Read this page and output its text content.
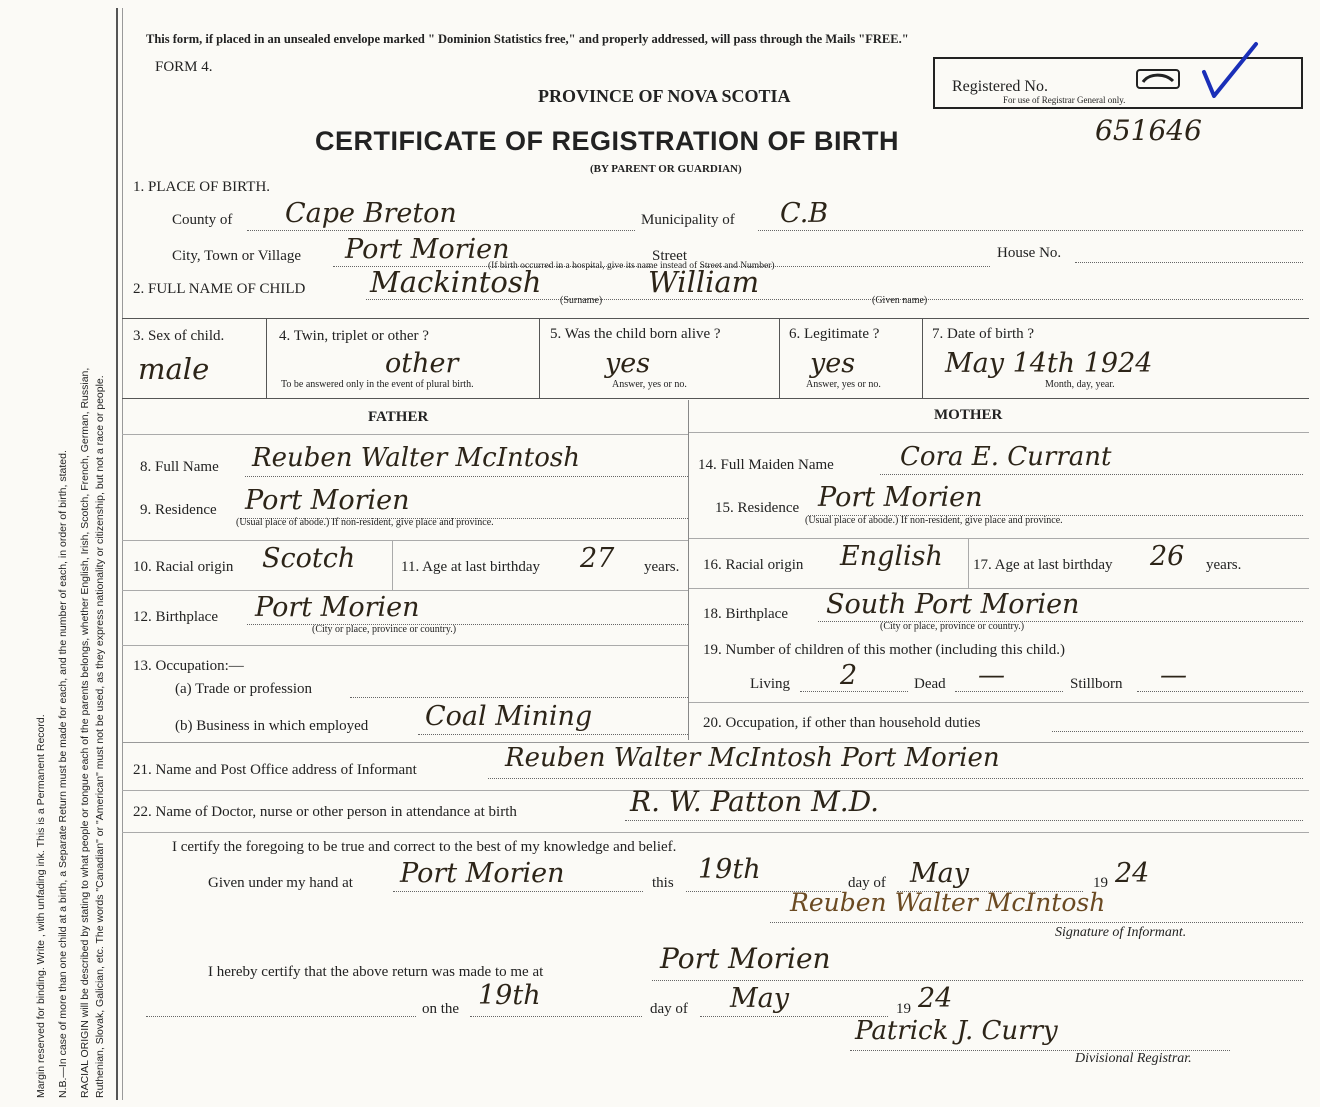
Margin reserved for binding. Write , with unfading ink. This is a Permanent Record. N.B.—In case of more than one child at a birth, a Separate Return must be made for each, and the number of each, in order of birth, stated. RACIAL ORIGIN will be described by stating to what people or tongue each of the parents belongs, whether English, Irish, Scotch, French, German, Russian, Ruthenian, Slovak, Galician, etc. The words "Canadian" or "American" must not be used, as they express nationality or citizenship, but not a race or people.
This form, if placed in an unsealed envelope marked " Dominion Statistics free," and properly addressed, will pass through the Mails "FREE."
FORM 4.
PROVINCE OF NOVA SCOTIA
CERTIFICATE OF REGISTRATION OF BIRTH
(BY PARENT OR GUARDIAN)
Registered No.
For use of Registrar General only.
651646
1. PLACE OF BIRTH.
County of Cape Breton	Municipality of C.B
City, Town or Village Port Morien	Street	House No.
(If birth occurred in a hospital, give its name instead of Street and Number)
2. FULL NAME OF CHILD Mackintosh	William
(Surname)	(Given name)
3. Sex of child.
male
4. Twin, triplet or other ?
other
To be answered only in the event of plural birth.
5. Was the child born alive ?
yes
Answer, yes or no.
6. Legitimate ?
yes
Answer, yes or no.
7. Date of birth ?
May 14th 1924
Month, day, year.
FATHER	MOTHER
8. Full Name Reuben Walter McIntosh
9. Residence Port Morien
(Usual place of abode.) If non-resident, give place and province.
10. Racial origin Scotch	11. Age at last birthday 27 years.
12. Birthplace Port Morien
(City or place, province or country.)
13. Occupation:—
(a) Trade or profession
(b) Business in which employed Coal Mining
14. Full Maiden Name	Cora E. Currant
15. Residence Port Morien
(Usual place of abode.) If non-resident, give place and province.
16. Racial origin English 17. Age at last birthday 26 years.
18. Birthplace South Port Morien
(City or place, province or country.)
19. Number of children of this mother (including this child.)
Living 2	Dead —	Stillborn —
20. Occupation, if other than household duties
21. Name and Post Office address of Informant	Reuben Walter McIntosh Port Morien
22. Name of Doctor, nurse or other person in attendance at birth	R. W. Patton M.D.
I certify the foregoing to be true and correct to the best of my knowledge and belief.
Given under my hand at Port Morien	this 19th	day of May	19 24
Reuben Walter McIntosh
Signature of Informant.
I hereby certify that the above return was made to me at	Port Morien
on the 19th	day of May	19 24
Patrick J. Curry
Divisional Registrar.
